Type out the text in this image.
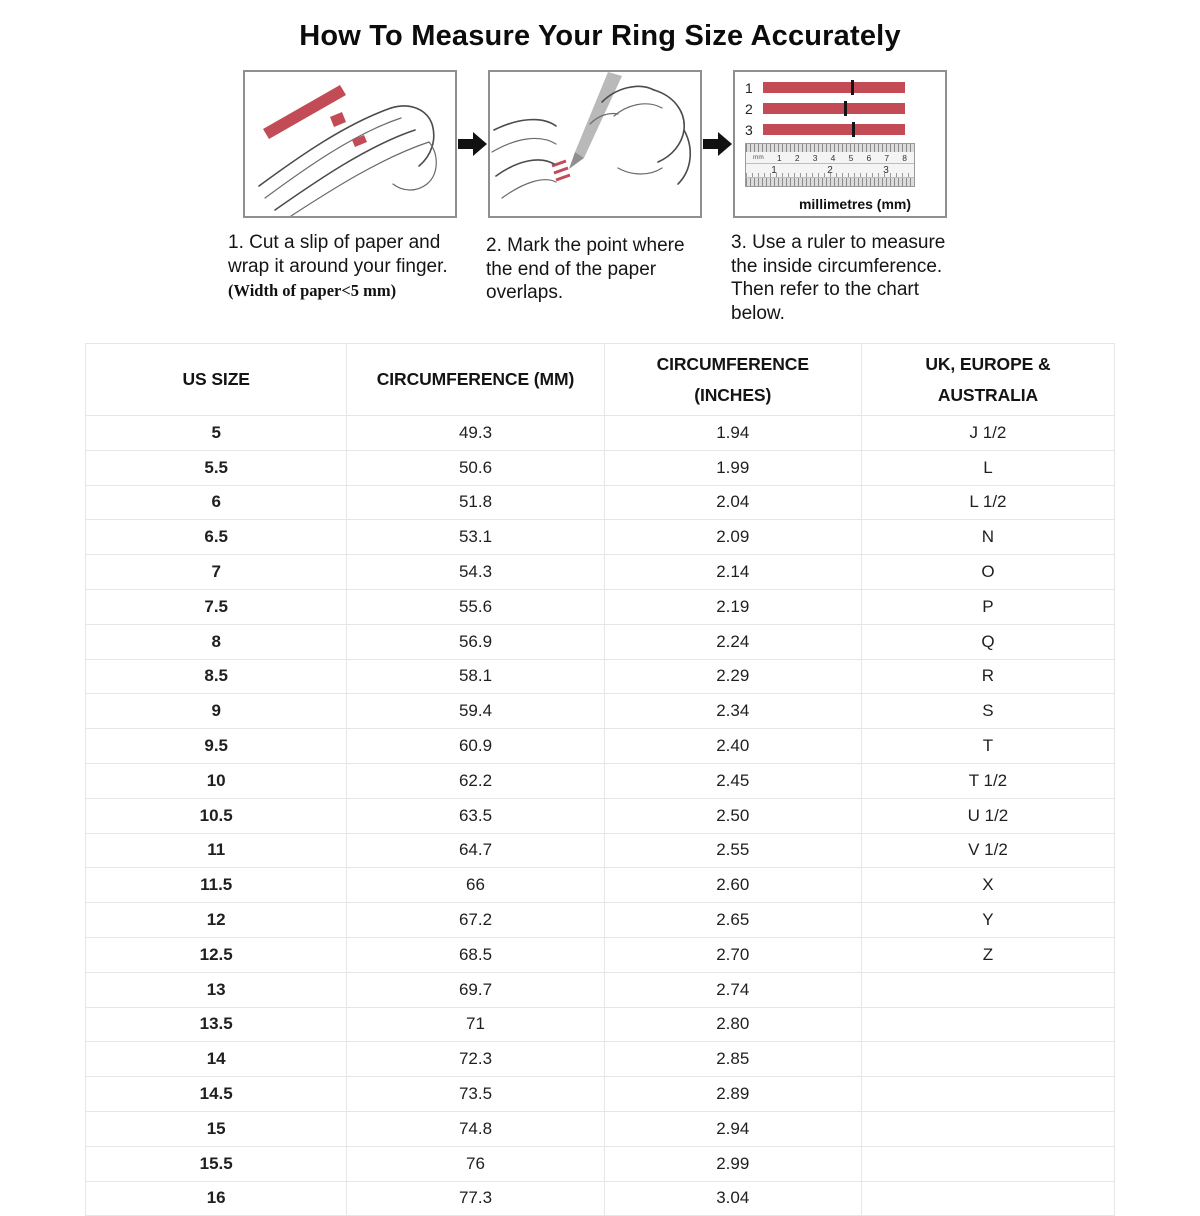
How To Measure Your Ring Size Accurately
1
2
3
mm 1 2 3 4 5 6 7 8
1	2	3
millimetres (mm)
1. Cut a slip of paper and wrap it around your finger.
(Width of paper<5 mm)
2. Mark the point where the end of the paper overlaps.
3. Use a ruler to measure the inside circumference. Then refer to the chart below.
US SIZE	CIRCUMFERENCE (MM)	CIRCUMFERENCE (INCHES)	UK, EUROPE & AUSTRALIA
5	49.3	1.94	J 1/2
5.5	50.6	1.99	L
6	51.8	2.04	L 1/2
6.5	53.1	2.09	N
7	54.3	2.14	O
7.5	55.6	2.19	P
8	56.9	2.24	Q
8.5	58.1	2.29	R
9	59.4	2.34	S
9.5	60.9	2.40	T
10	62.2	2.45	T 1/2
10.5	63.5	2.50	U 1/2
11	64.7	2.55	V 1/2
11.5	66	2.60	X
12	67.2	2.65	Y
12.5	68.5	2.70	Z
13	69.7	2.74	
13.5	71	2.80	
14	72.3	2.85	
14.5	73.5	2.89	
15	74.8	2.94	
15.5	76	2.99	
16	77.3	3.04	
